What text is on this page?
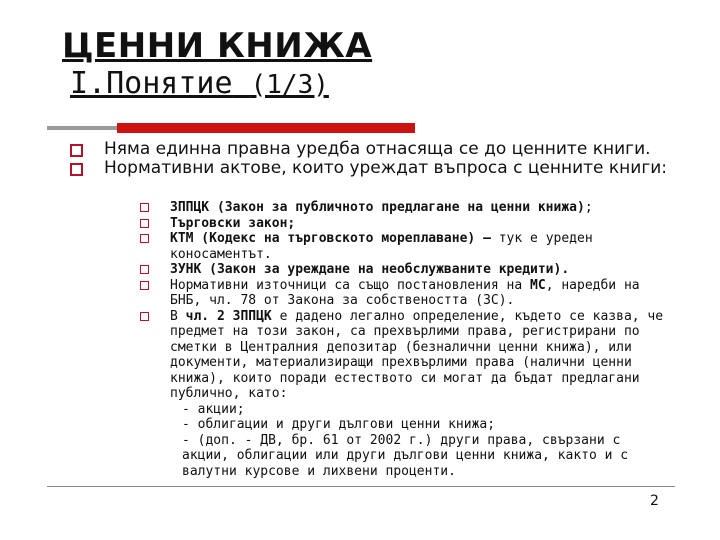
ЦЕННИ КНИЖА
I.Понятие (1/3)
Няма единна правна уредба отнасяща се до ценните книги.
Нормативни актове, които уреждат въпроса с ценните книги:
ЗППЦК (Закон за публичното предлагане на ценни книжа);
Търговски закон;
КТМ (Кодекс на търговското мореплаване) – тук е уреден коносаментът.
ЗУНК (Закон за уреждане на необслужваните кредити).
Нормативни източници са също постановления на МС, наредби на БНБ, чл. 78 от Закона за собствеността (ЗС).
В чл. 2 ЗППЦК е дадено легално определение, където се казва, че предмет на този закон, са прехвърлими права, регистрирани по сметки в Централния депозитар (безналични ценни книжа), или документи, материализиращи прехвърлими права (налични ценни книжа), които поради естеството си могат да бъдат предлагани публично, като:
- акции;
- облигации и други дългови ценни книжа;
- (доп. - ДВ, бр. 61 от 2002 г.) други права, свързани с акции, облигации или други дългови ценни книжа, както и с валутни курсове и лихвени проценти.
2
